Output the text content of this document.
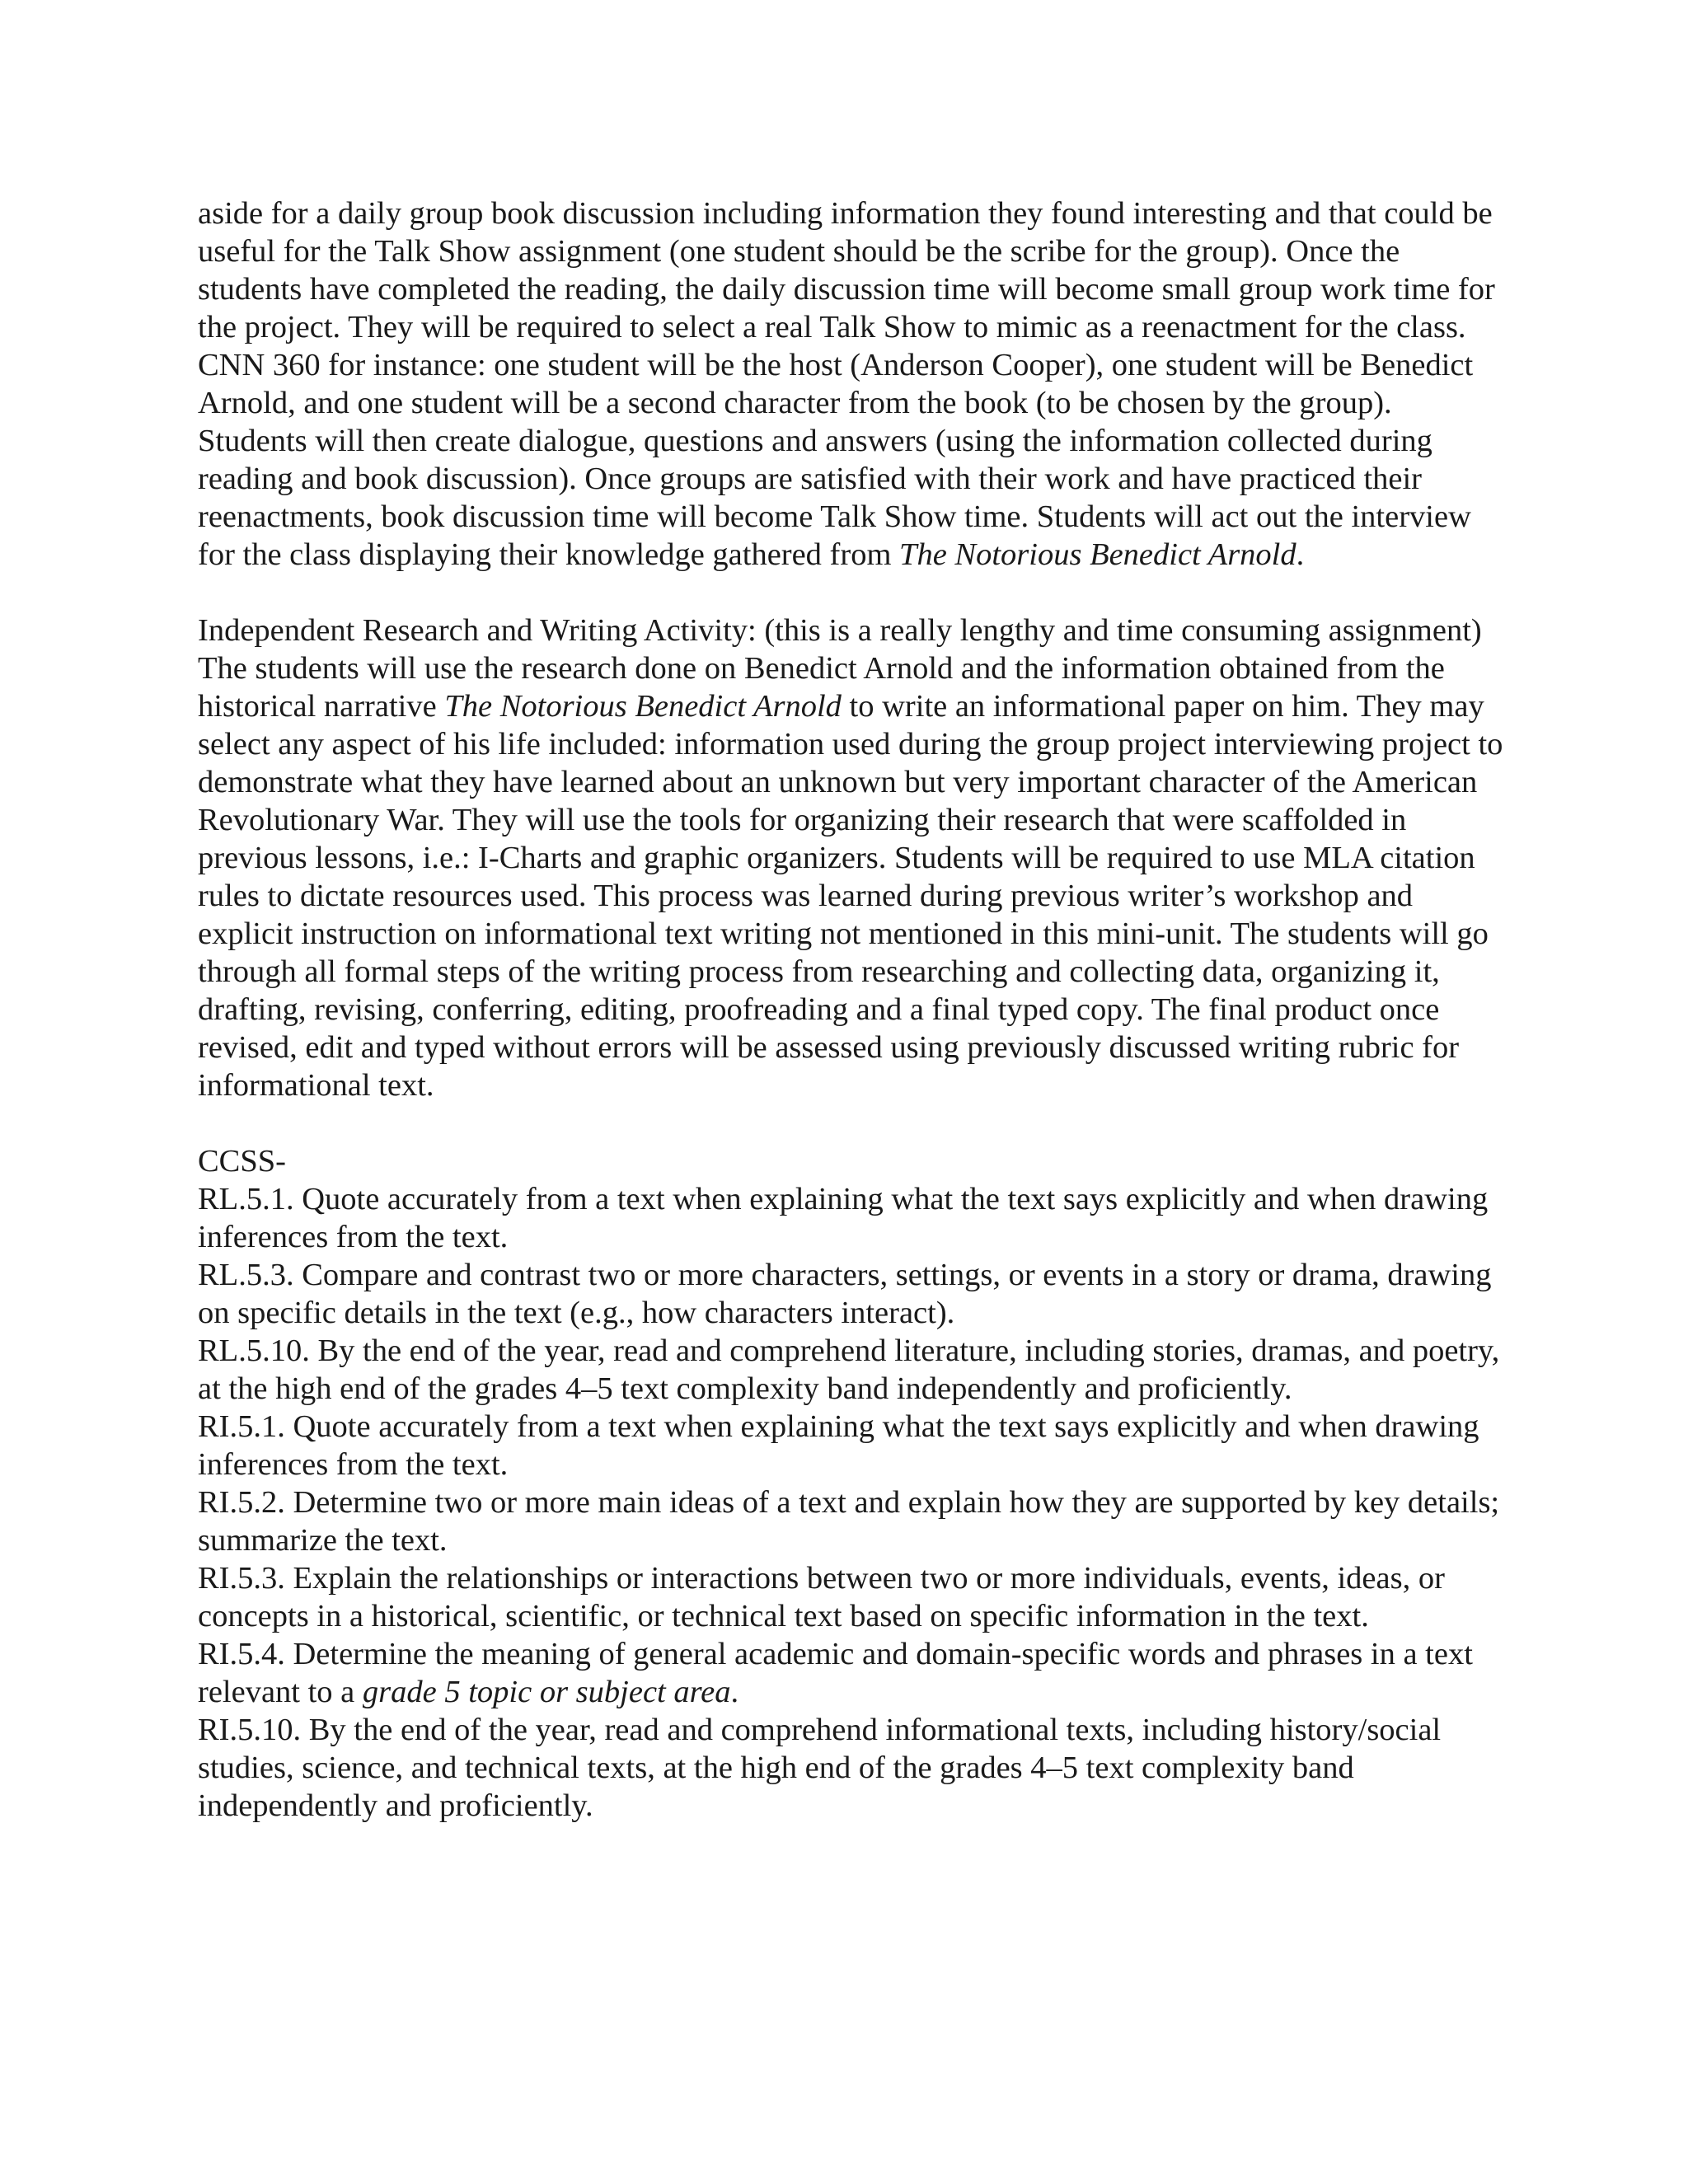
aside for a daily group book discussion including information they found interesting and that could be useful for the Talk Show assignment (one student should be the scribe for the group). Once the students have completed the reading, the daily discussion time will become small group work time for the project. They will be required to select a real Talk Show to mimic as a reenactment for the class. CNN 360 for instance: one student will be the host (Anderson Cooper), one student will be Benedict Arnold, and one student will be a second character from the book (to be chosen by the group). Students will then create dialogue, questions and answers (using the information collected during reading and book discussion). Once groups are satisfied with their work and have practiced their reenactments, book discussion time will become Talk Show time. Students will act out the interview for the class displaying their knowledge gathered from The Notorious Benedict Arnold.

Independent Research and Writing Activity: (this is a really lengthy and time consuming assignment)

The students will use the research done on Benedict Arnold and the information obtained from the historical narrative The Notorious Benedict Arnold to write an informational paper on him. They may select any aspect of his life included: information used during the group project interviewing project to demonstrate what they have learned about an unknown but very important character of the American Revolutionary War. They will use the tools for organizing their research that were scaffolded in previous lessons, i.e.: I-Charts and graphic organizers. Students will be required to use MLA citation rules to dictate resources used. This process was learned during previous writer’s workshop and explicit instruction on informational text writing not mentioned in this mini-unit. The students will go through all formal steps of the writing process from researching and collecting data, organizing it, drafting, revising, conferring, editing, proofreading and a final typed copy. The final product once revised, edit and typed without errors will be assessed using previously discussed writing rubric for informational text.

CCSS-

RL.5.1. Quote accurately from a text when explaining what the text says explicitly and when drawing inferences from the text.

RL.5.3. Compare and contrast two or more characters, settings, or events in a story or drama, drawing on specific details in the text (e.g., how characters interact).

RL.5.10. By the end of the year, read and comprehend literature, including stories, dramas, and poetry, at the high end of the grades 4–5 text complexity band independently and proficiently.

RI.5.1. Quote accurately from a text when explaining what the text says explicitly and when drawing inferences from the text.

RI.5.2. Determine two or more main ideas of a text and explain how they are supported by key details; summarize the text.

RI.5.3. Explain the relationships or interactions between two or more individuals, events, ideas, or concepts in a historical, scientific, or technical text based on specific information in the text.

RI.5.4. Determine the meaning of general academic and domain-specific words and phrases in a text relevant to a grade 5 topic or subject area.

RI.5.10. By the end of the year, read and comprehend informational texts, including history/social studies, science, and technical texts, at the high end of the grades 4–5 text complexity band independently and proficiently.
